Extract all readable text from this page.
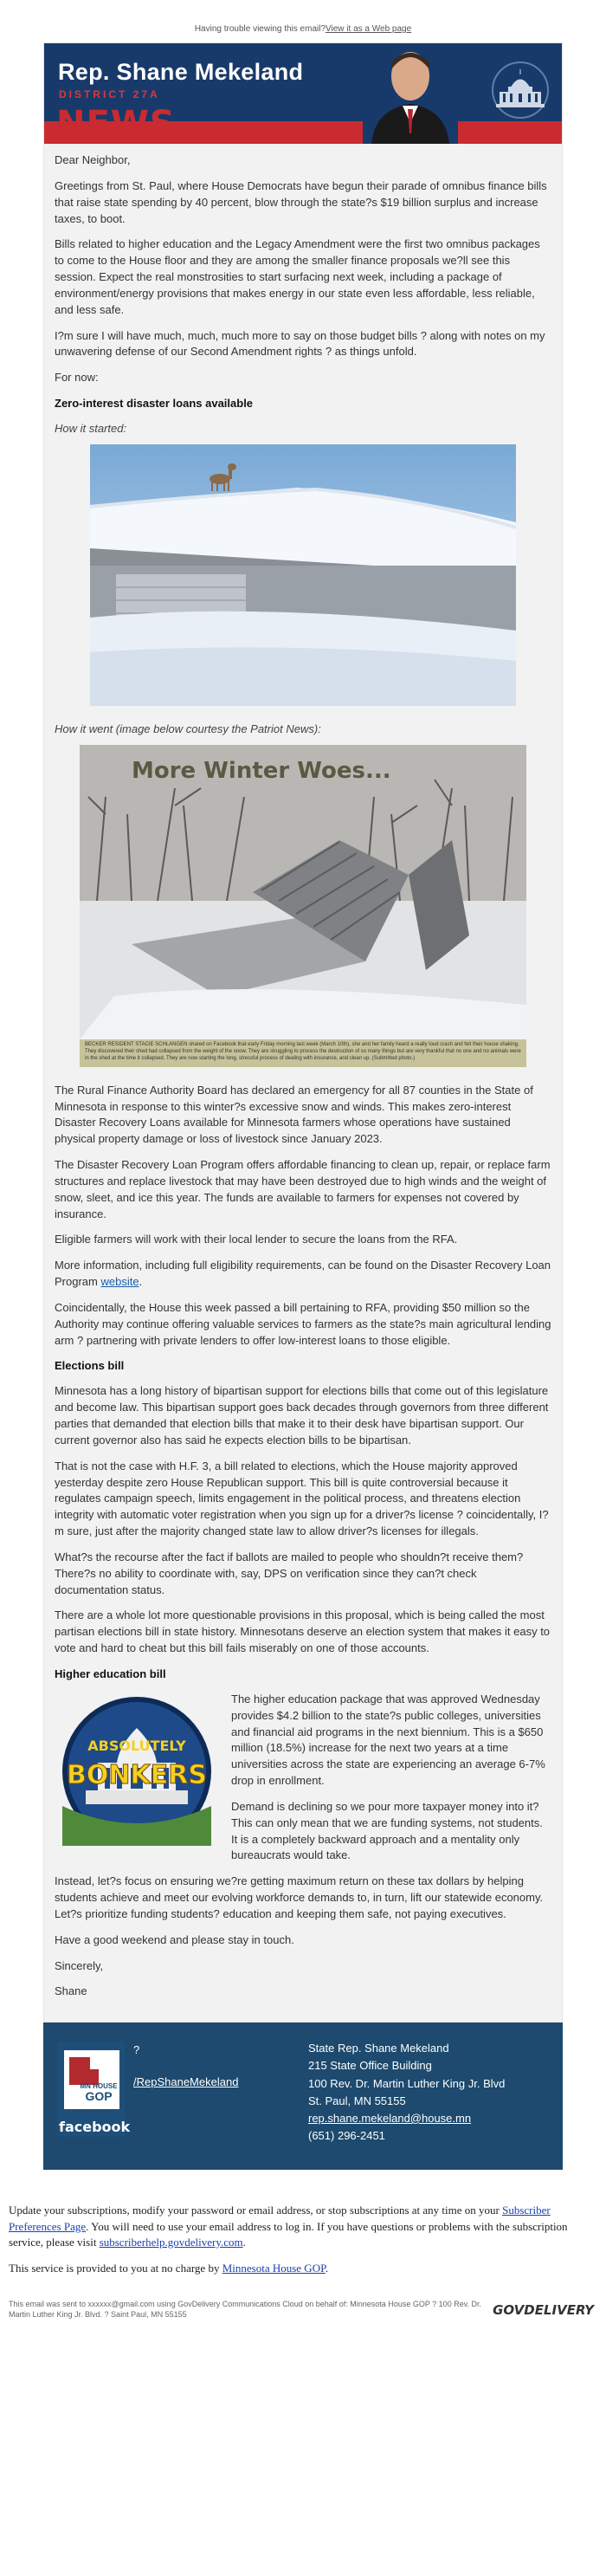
Having trouble viewing this email?View it as a Web page
Rep. Shane Mekeland
DISTRICT 27A
NEWS

Dear Neighbor,

Greetings from St. Paul, where House Democrats have begun their parade of omnibus finance bills that raise state spending by 40 percent, blow through the state?s $19 billion surplus and increase taxes, to boot.

Bills related to higher education and the Legacy Amendment were the first two omnibus packages to come to the House floor and they are among the smaller finance proposals we?ll see this session. Expect the real monstrosities to start surfacing next week, including a package of environment/energy provisions that makes energy in our state even less affordable, less reliable, and less safe.

I?m sure I will have much, much, much more to say on those budget bills ? along with notes on my unwavering defense of our Second Amendment rights ? as things unfold.

For now:

Zero-interest disaster loans available

How it started:

How it went (image below courtesy the Patriot News):

More Winter Woes...
BECKER RESIDENT STACIE SCHLANGEN shared on Facebook that early Friday morning last week (March 10th), she and her family heard a really loud crash and felt their house shaking. They discovered their shed had collapsed from the weight of the snow. They are struggling to process the destruction of so many things but are very thankful that no one and no animals were in the shed at the time it collapsed. They are now starting the long, stressful process of dealing with insurance, and clean up. (Submitted photo.)

The Rural Finance Authority Board has declared an emergency for all 87 counties in the State of Minnesota in response to this winter?s excessive snow and winds. This makes zero-interest Disaster Recovery Loans available for Minnesota farmers whose operations have sustained physical property damage or loss of livestock since January 2023.

The Disaster Recovery Loan Program offers affordable financing to clean up, repair, or replace farm structures and replace livestock that may have been destroyed due to high winds and the weight of snow, sleet, and ice this year. The funds are available to farmers for expenses not covered by insurance.

Eligible farmers will work with their local lender to secure the loans from the RFA.

More information, including full eligibility requirements, can be found on the Disaster Recovery Loan Program website.

Coincidentally, the House this week passed a bill pertaining to RFA, providing $50 million so the Authority may continue offering valuable services to farmers as the state?s main agricultural lending arm ? partnering with private lenders to offer low-interest loans to those eligible.

Elections bill

Minnesota has a long history of bipartisan support for elections bills that come out of this legislature and become law. This bipartisan support goes back decades through governors from three different parties that demanded that election bills that make it to their desk have bipartisan support. Our current governor also has said he expects election bills to be bipartisan.

That is not the case with H.F. 3, a bill related to elections, which the House majority approved yesterday despite zero House Republican support. This bill is quite controversial because it regulates campaign speech, limits engagement in the political process, and threatens election integrity with automatic voter registration when you sign up for a driver?s license ? coincidentally, I?m sure, just after the majority changed state law to allow driver?s licenses for illegals.

What?s the recourse after the fact if ballots are mailed to people who shouldn?t receive them? There?s no ability to coordinate with, say, DPS on verification since they can?t check documentation status.

There are a whole lot more questionable provisions in this proposal, which is being called the most partisan elections bill in state history. Minnesotans deserve an election system that makes it easy to vote and hard to cheat but this bill fails miserably on one of those accounts.

Higher education bill
ABSOLUTELY
BONKERS

The higher education package that was approved Wednesday provides $4.2 billion to the state?s public colleges, universities and financial aid programs in the next biennium. This is a $650 million (18.5%) increase for the next two years at a time universities across the state are experiencing an average 6-7% drop in enrollment.

Demand is declining so we pour more taxpayer money into it? This can only mean that we are funding systems, not students. It is a completely backward approach and a mentality only bureaucrats would take.

Instead, let?s focus on ensuring we?re getting maximum return on these tax dollars by helping students achieve and meet our evolving workforce demands to, in turn, lift our statewide economy. Let?s prioritize funding students? education and keeping them safe, not paying executives.

Have a good weekend and please stay in touch.

Sincerely,

Shane

MN HOUSE
GOP
facebook
?
/RepShaneMekeland
State Rep. Shane Mekeland
215 State Office Building
100 Rev. Dr. Martin Luther King Jr. Blvd
St. Paul, MN 55155
rep.shane.mekeland@house.mn
(651) 296-2451

Update your subscriptions, modify your password or email address, or stop subscriptions at any time on your Subscriber Preferences Page. You will need to use your email address to log in. If you have questions or problems with the subscription service, please visit subscriberhelp.govdelivery.com.

This service is provided to you at no charge by Minnesota House GOP.

This email was sent to xxxxxx@gmail.com using GovDelivery Communications Cloud on behalf of: Minnesota House GOP ? 100 Rev. Dr. Martin Luther King Jr. Blvd. ? Saint Paul, MN 55155	GOVDELIVERY
